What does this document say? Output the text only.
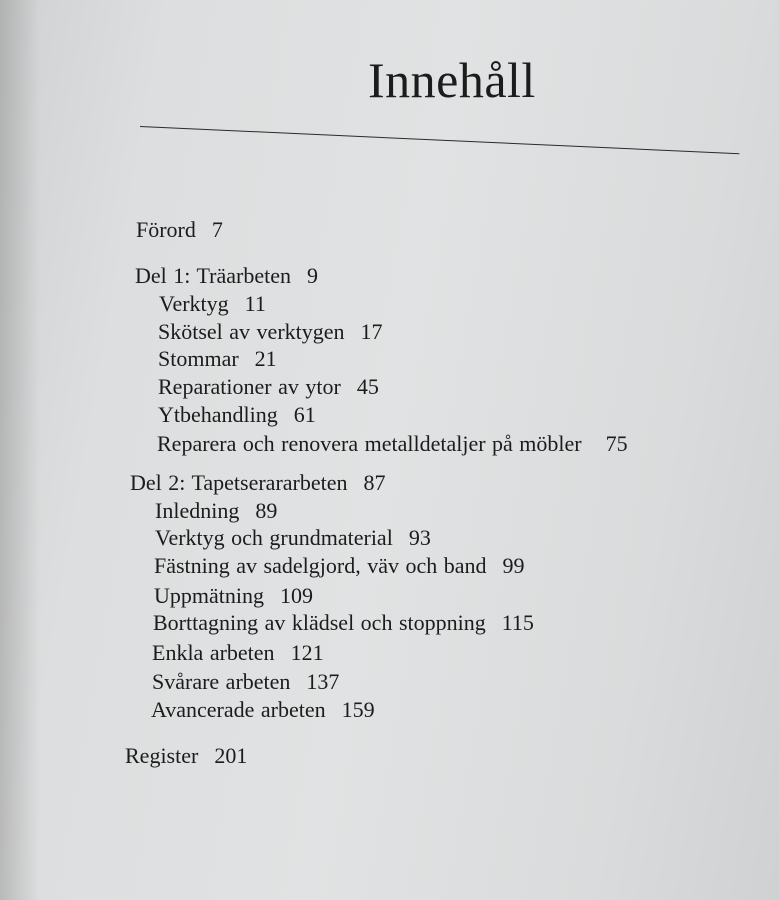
Innehåll
Förord 7
Del 1: Träarbeten 9
Verktyg 11
Skötsel av verktygen 17
Stommar 21
Reparationer av ytor 45
Ytbehandling 61
Reparera och renovera metalldetaljer på möbler 75
Del 2: Tapetserararbeten 87
Inledning 89
Verktyg och grundmaterial 93
Fästning av sadelgjord, väv och band 99
Uppmätning 109
Borttagning av klädsel och stoppning 115
Enkla arbeten 121
Svårare arbeten 137
Avancerade arbeten 159
Register 201
